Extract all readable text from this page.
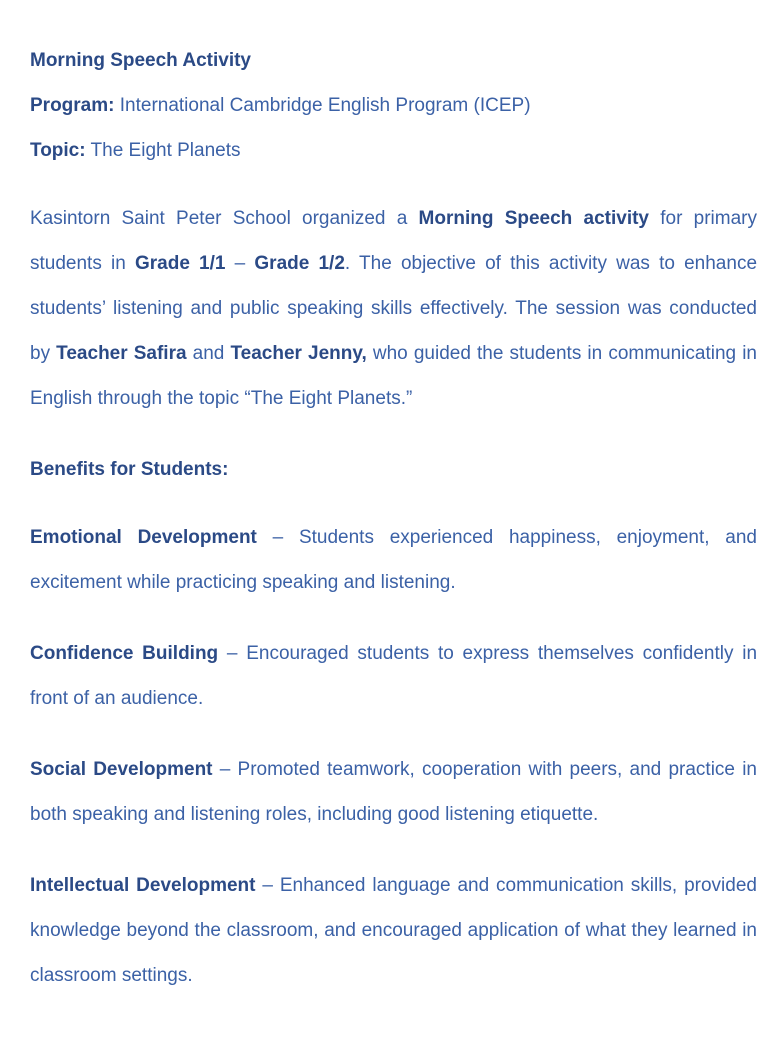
Morning Speech Activity

Program: International Cambridge English Program (ICEP)

Topic: The Eight Planets

Kasintorn Saint Peter School organized a Morning Speech activity for primary students in Grade 1/1 – Grade 1/2. The objective of this activity was to enhance students’ listening and public speaking skills effectively. The session was conducted by Teacher Safira and Teacher Jenny, who guided the students in communicating in English through the topic “The Eight Planets.”

Benefits for Students:

Emotional Development – Students experienced happiness, enjoyment, and excitement while practicing speaking and listening.

Confidence Building – Encouraged students to express themselves confidently in front of an audience.

Social Development – Promoted teamwork, cooperation with peers, and practice in both speaking and listening roles, including good listening etiquette.

Intellectual Development – Enhanced language and communication skills, provided knowledge beyond the classroom, and encouraged application of what they learned in classroom settings.
